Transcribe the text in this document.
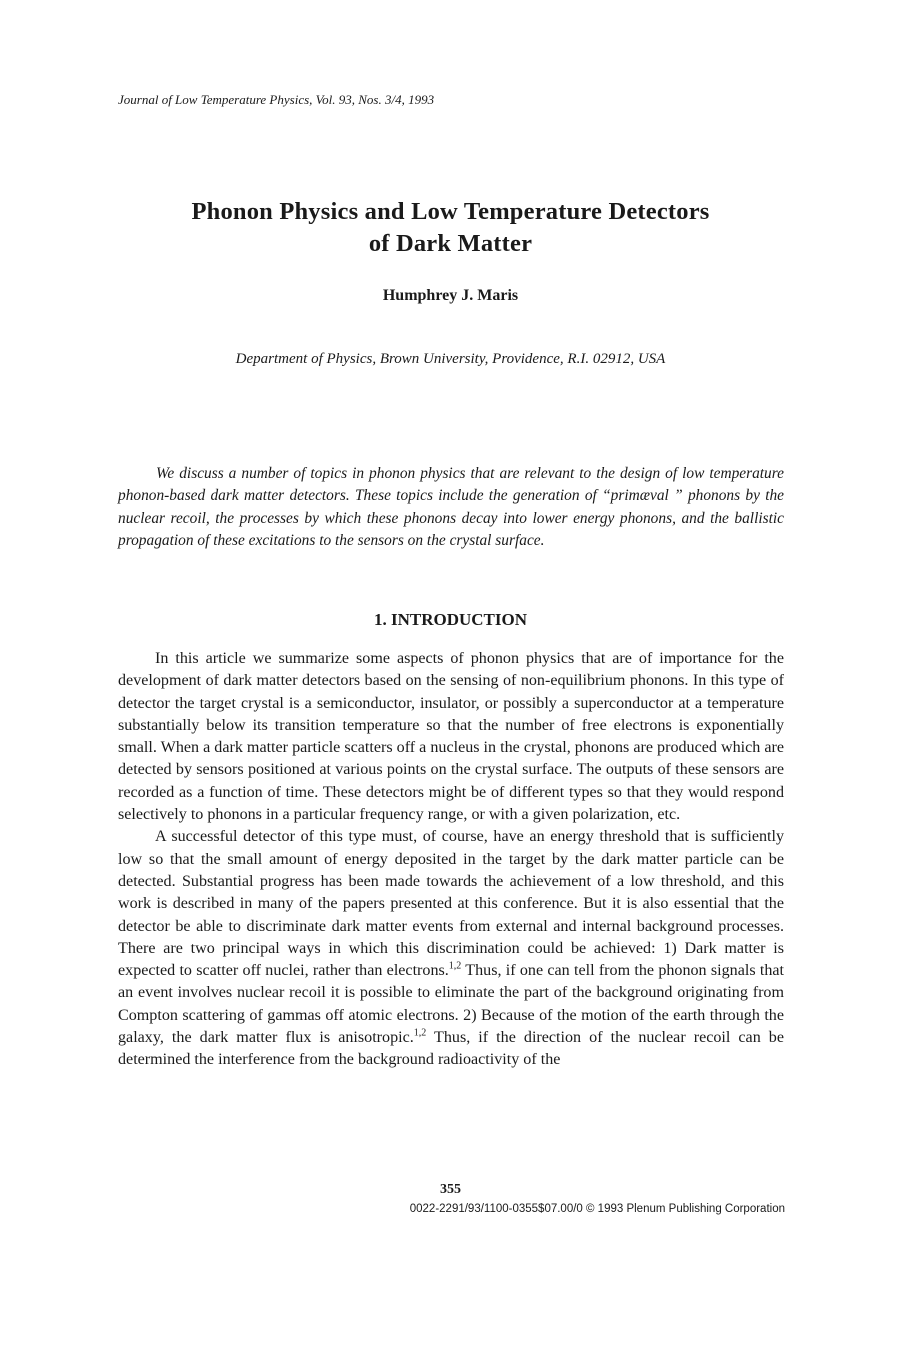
Journal of Low Temperature Physics, Vol. 93, Nos. 3/4, 1993
Phonon Physics and Low Temperature Detectors
of Dark Matter
Humphrey J. Maris
Department of Physics, Brown University, Providence, R.I. 02912, USA
We discuss a number of topics in phonon physics that are relevant to the design of low temperature phonon-based dark matter detectors. These topics include the generation of “primæval ” phonons by the nuclear recoil, the processes by which these phonons decay into lower energy phonons, and the ballistic propagation of these excitations to the sensors on the crystal surface.
1. INTRODUCTION

In this article we summarize some aspects of phonon physics that are of importance for the development of dark matter detectors based on the sensing of non-equilibrium phonons. In this type of detector the target crystal is a semiconductor, insulator, or possibly a superconductor at a temperature substantially below its transition temperature so that the number of free electrons is exponentially small. When a dark matter particle scatters off a nucleus in the crystal, phonons are produced which are detected by sensors positioned at various points on the crystal surface. The outputs of these sensors are recorded as a function of time. These detectors might be of different types so that they would respond selectively to phonons in a particular frequency range, or with a given polarization, etc.

A successful detector of this type must, of course, have an energy threshold that is sufficiently low so that the small amount of energy deposited in the target by the dark matter particle can be detected. Substantial progress has been made towards the achievement of a low threshold, and this work is described in many of the papers presented at this conference. But it is also essential that the detector be able to discriminate dark matter events from external and internal background processes. There are two principal ways in which this discrimination could be achieved: 1) Dark matter is expected to scatter off nuclei, rather than electrons.$^{1,2}$ Thus, if one can tell from the phonon signals that an event involves nuclear recoil it is possible to eliminate the part of the background originating from Compton scattering of gammas off atomic electrons. 2) Because of the motion of the earth through the galaxy, the dark matter flux is anisotropic.$^{1,2}$ Thus, if the direction of the nuclear recoil can be determined the interference from the background radioactivity of the

355
0022-2291/93/1100-0355$07.00/0 © 1993 Plenum Publishing Corporation
